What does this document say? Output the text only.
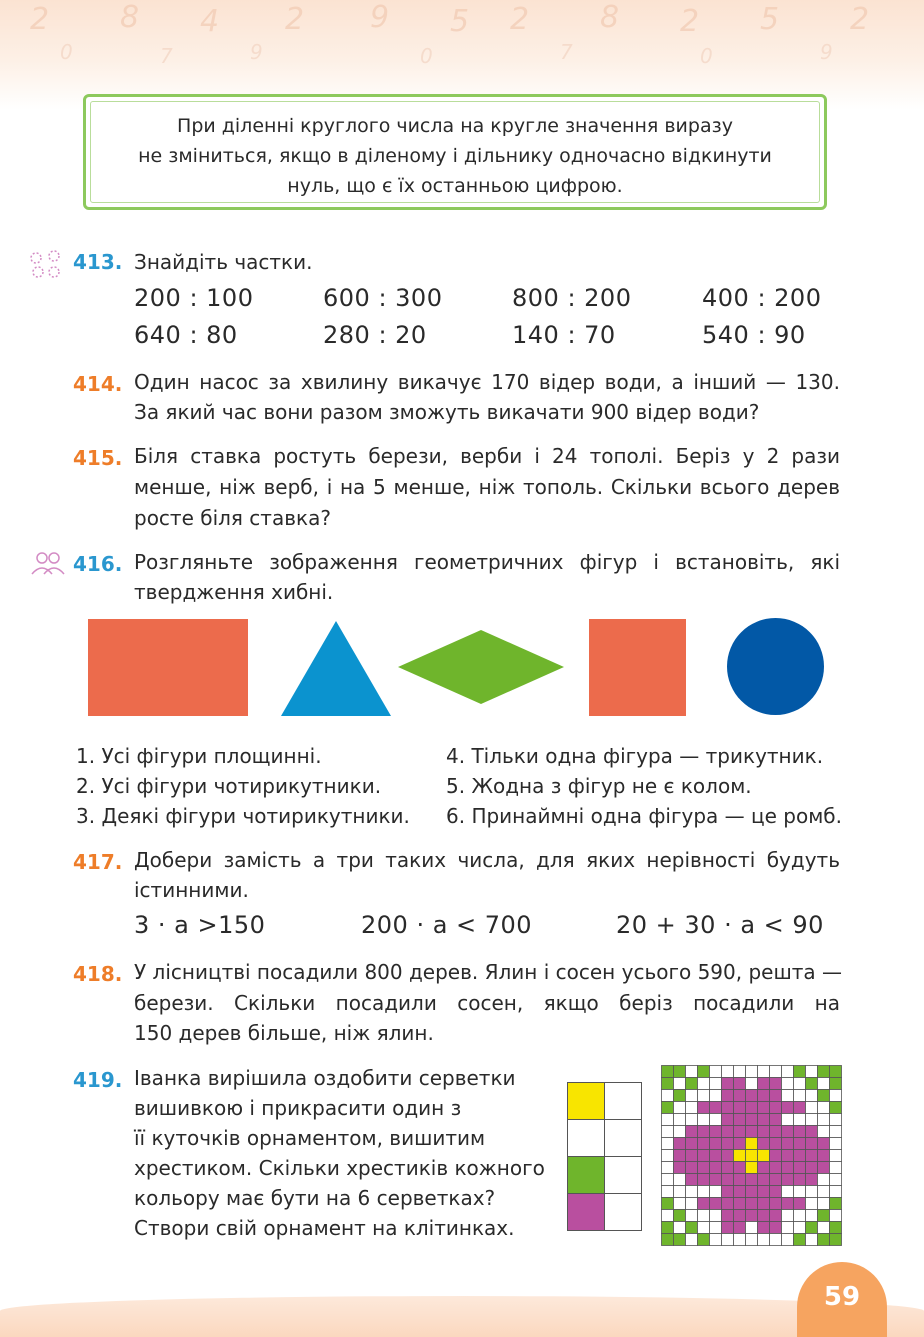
2 8 4 2 9 5 2 8 2 5 2
0	7	9	0	7	0	9
При діленні круглого числа на кругле значення виразу
не зміниться, якщо в діленому і дільнику одночасно відкинути
нуль, що є їх останньою цифрою.
413. Знайдіть частки.
200 : 100	600 : 300	800 : 200	400 : 200
640 : 80	280 : 20	140 : 70	540 : 90
414. Один насос за хвилину викачує 170 відер води, а інший — 130.
За який час вони разом зможуть викачати 900 відер води?
415. Біля ставка ростуть берези, верби і 24 тополі. Беріз у 2 рази
менше, ніж верб, і на 5 менше, ніж тополь. Скільки всього дерев
росте біля ставка?
416. Розгляньте зображення геометричних фігур і встановіть, які
твердження хибні.
1. Усі фігури площинні.
2. Усі фігури чотирикутники.
3. Деякі фігури чотирикутники.
4. Тільки одна фігура — трикутник.
5. Жодна з фігур не є колом.
6. Принаймні одна фігура — це ромб.
417. Добери замість а три таких числа, для яких нерівності будуть
істинними.
3 · а >150	200 · а < 700	20 + 30 · а < 90
418. У лісництві посадили 800 дерев. Ялин і сосен усього 590, решта —
берези. Скільки посадили сосен, якщо беріз посадили на
150 дерев більше, ніж ялин.
419. Іванка вирішила оздобити серветки
вишивкою і прикрасити один з
її куточків орнаментом, вишитим
хрестиком. Скільки хрестиків кожного
кольору має бути на 6 серветках?
Створи свій орнамент на клітинках.

59
